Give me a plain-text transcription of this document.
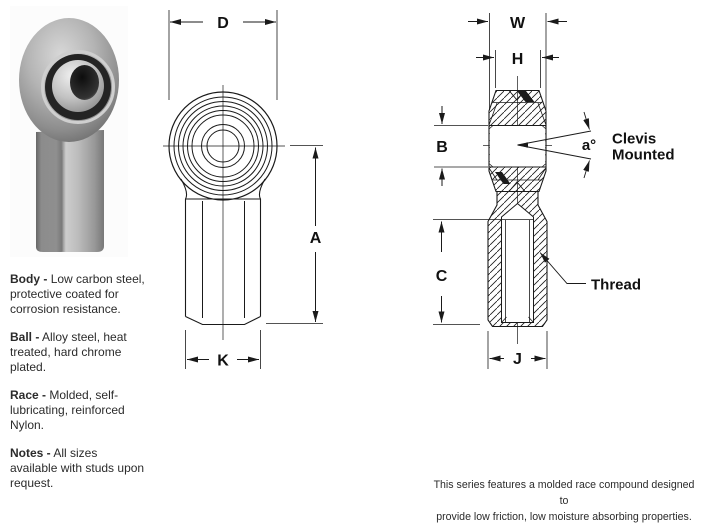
D
A
K
W
H
B	a°
C
J
Clevis
Mounted
Thread

Body - Low carbon steel,
protective coated for
corrosion resistance.

Ball - Alloy steel, heat
treated, hard chrome
plated.

Race - Molded, self-
lubricating, reinforced
Nylon.

Notes - All sizes
available with studs upon
request.	This series features a molded race compound designed to
provide low friction, low moisture absorbing properties.
